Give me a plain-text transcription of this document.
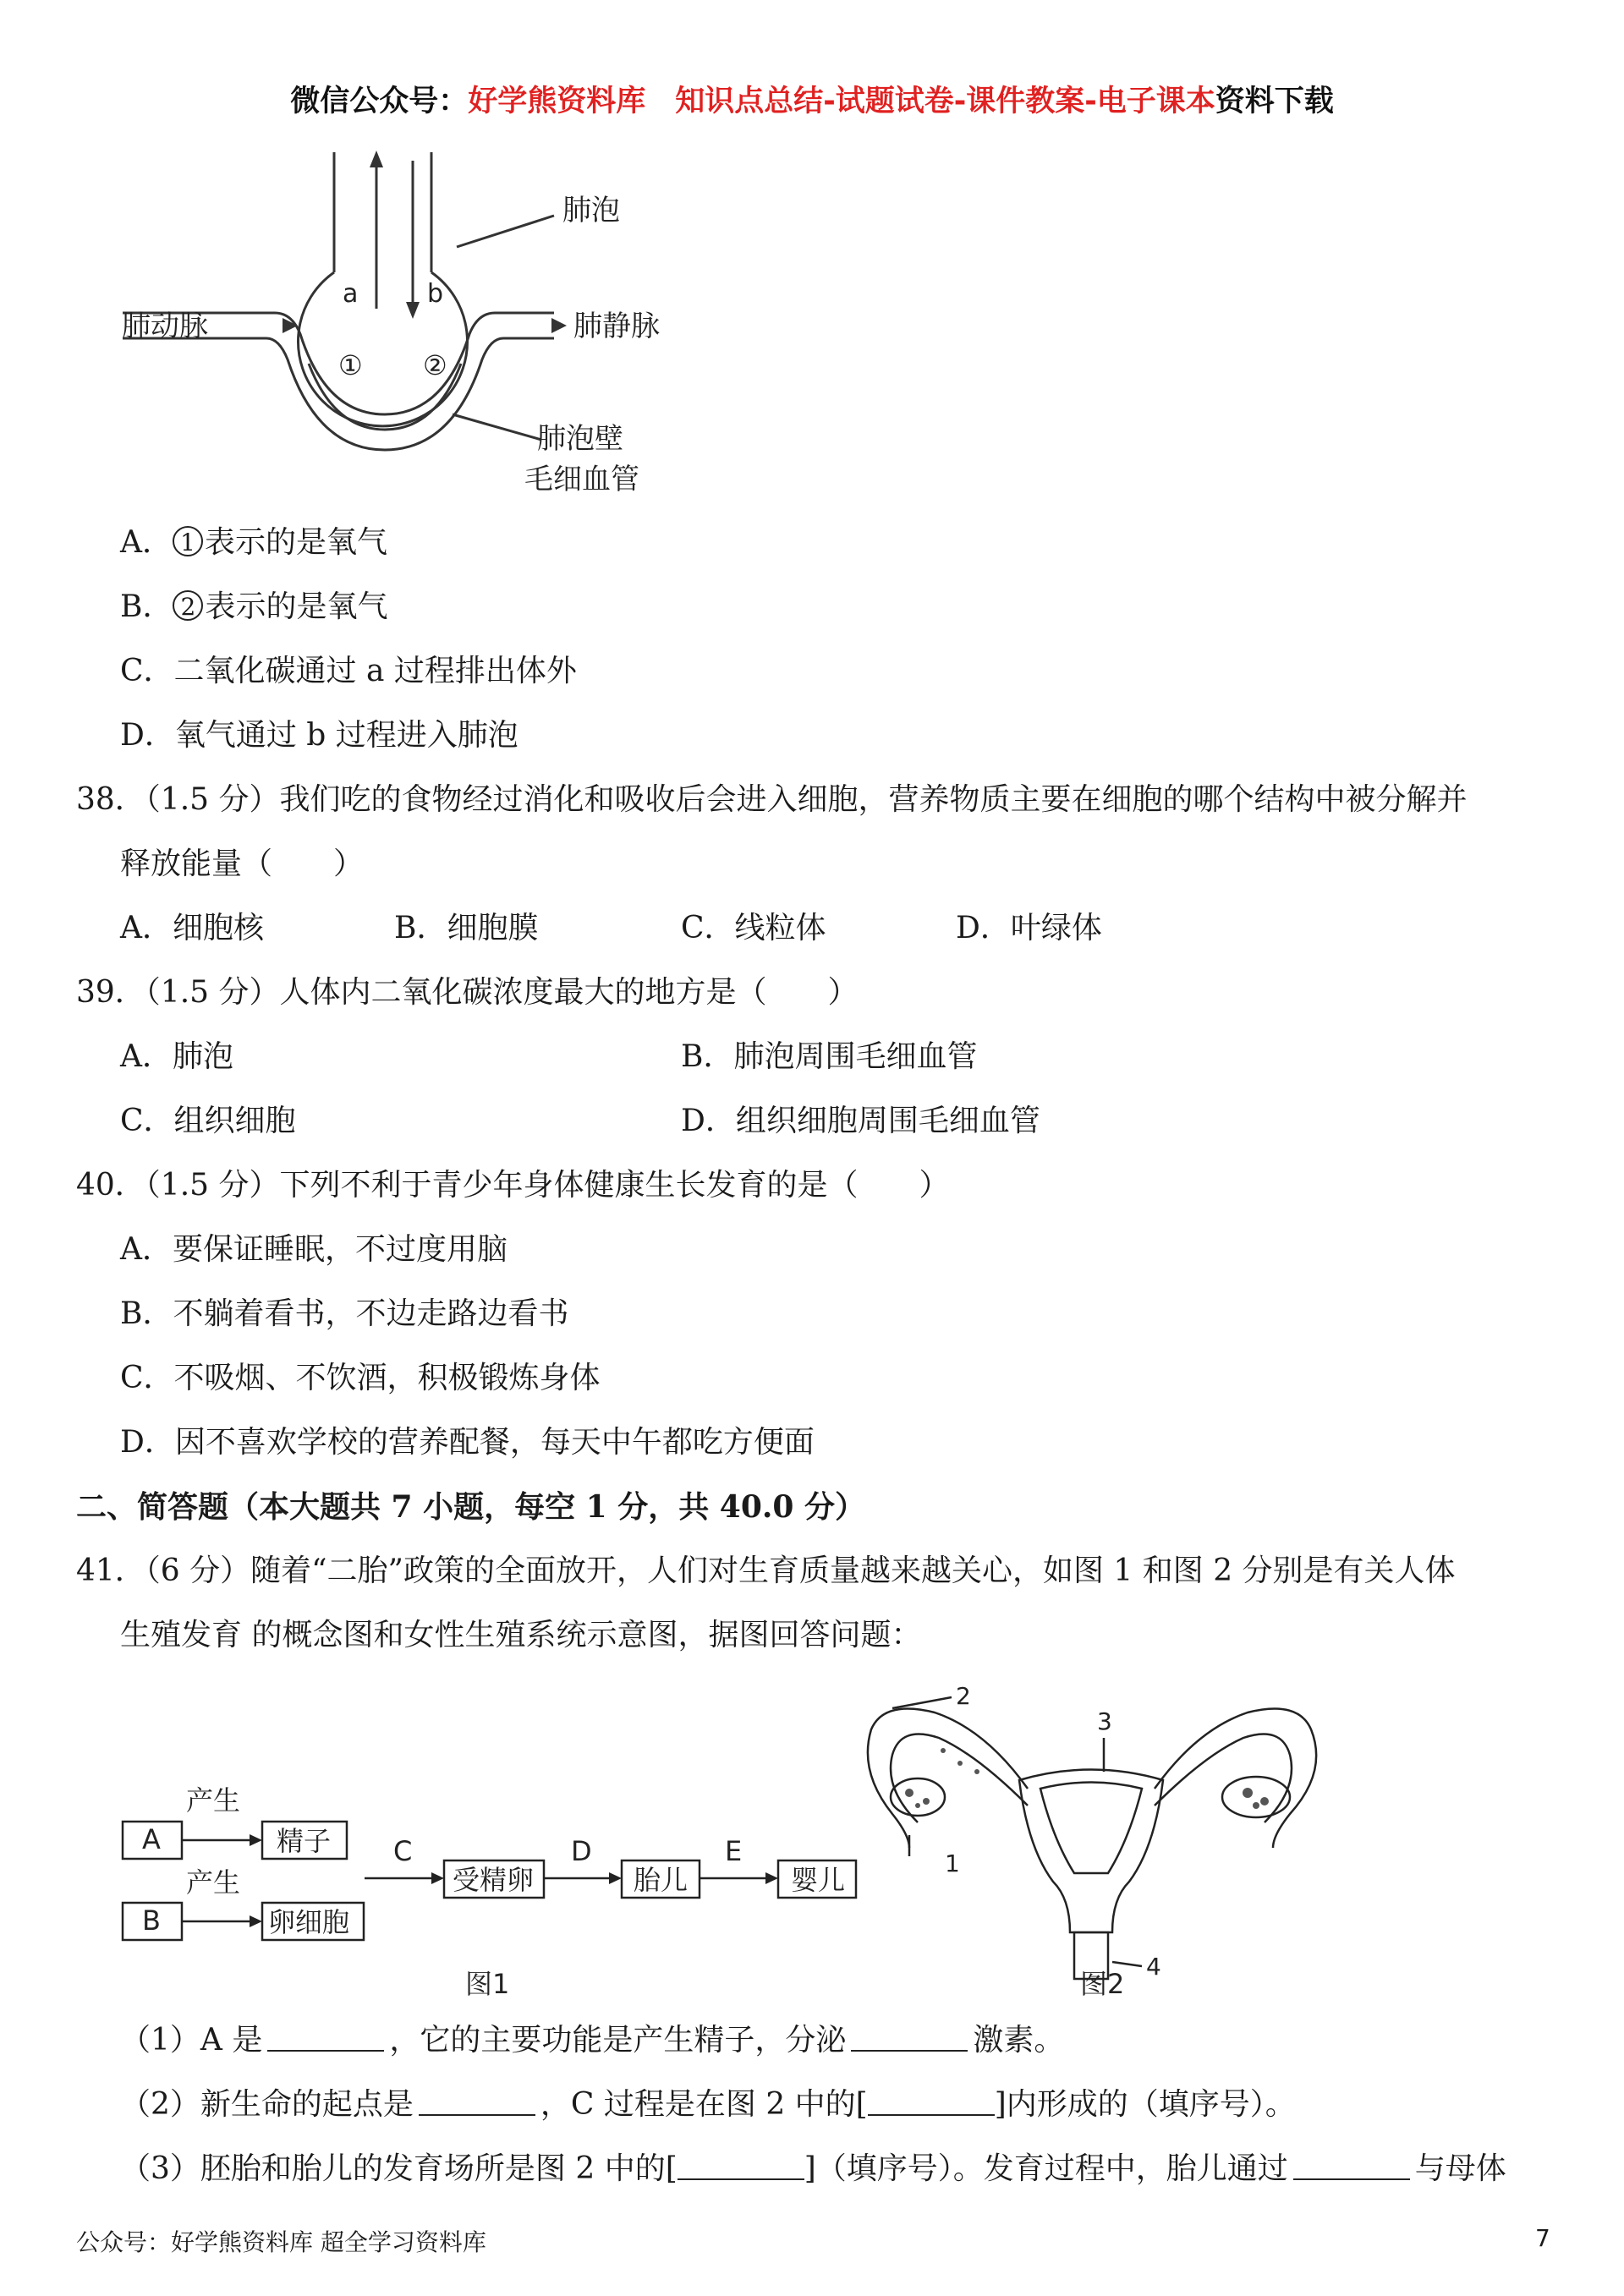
微信公众号：好学熊资料库　知识点总结-试题试卷-课件教案-电子课本资料下载
a	b
① ②
肺泡
肺动脉	肺静脉
肺泡壁
毛细血管
A． 1 表示的是氧气
B． 2 表示的是氧气
C．二氧化碳通过 a 过程排出体外
D．氧气通过 b 过程进入肺泡
38．（1.5 分）我们吃的食物经过消化和吸收后会进入细胞，营养物质主要在细胞的哪个结构中被分解并
释放能量（　　）
A．细胞核	B．细胞膜	C．线粒体	D．叶绿体
39．（1.5 分）人体内二氧化碳浓度最大的地方是（　　）
A．肺泡	B．肺泡周围毛细血管
C．组织细胞	D．组织细胞周围毛细血管
40．（1.5 分）下列不利于青少年身体健康生长发育的是（　　）
A．要保证睡眠，不过度用脑
B．不躺着看书，不边走路边看书
C．不吸烟、不饮酒，积极锻炼身体
D．因不喜欢学校的营养配餐，每天中午都吃方便面
二、简答题（本大题共 7 小题，每空 1 分，共 40.0 分）
41．（6 分）随着“二胎”政策的全面放开，人们对生育质量越来越关心，如图 1 和图 2 分别是有关人体
生殖发育 的概念图和女性生殖系统示意图，据图回答问题：
A
B
产生
产生
精子
卵细胞
C
受精卵
D
胎儿
E
婴儿
图1
2
3
1
4
图2
（1）A 是	，它的主要功能是产生精子，分泌	激素。
（2）新生命的起点是	，C 过程是在图 2 中的[	]内形成的（填序号）。
（3）胚胎和胎儿的发育场所是图 2 中的[	]（填序号）。发育过程中，胎儿通过	与母体
公众号：好学熊资料库 超全学习资料库	7
